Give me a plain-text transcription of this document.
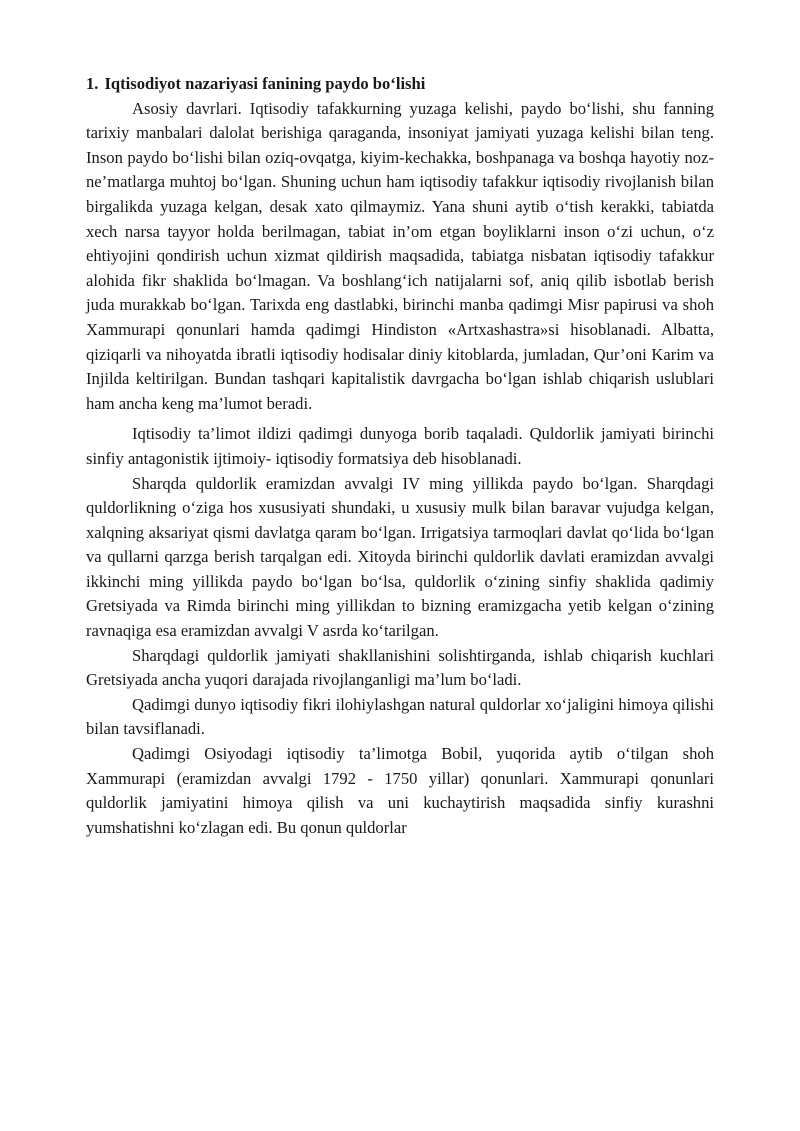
1. Iqtisodiyot nazariyasi fanining paydo bo‘lishi

Asosiy davrlari. Iqtisodiy tafakkurning yuzaga kelishi, paydo bo‘lishi, shu fanning tarixiy manbalari dalolat berishiga qaraganda, insoniyat jamiyati yuzaga kelishi bilan teng. Inson paydo bo‘lishi bilan oziq-ovqatga, kiyim-kechakka, boshpanaga va boshqa hayotiy noz-ne’matlarga muhtoj bo‘lgan. Shuning uchun ham iqtisodiy tafakkur iqtisodiy rivojlanish bilan birgalikda yuzaga kelgan, desak xato qilmaymiz. Yana shuni aytib o‘tish kerakki, tabiatda xech narsa tayyor holda berilmagan, tabiat in’om etgan boyliklarni inson o‘zi uchun, o‘z ehtiyojini qondirish uchun xizmat qildirish maqsadida, tabiatga nisbatan iqtisodiy tafakkur alohida fikr shaklida bo‘lmagan. Va boshlang‘ich natijalarni sof, aniq qilib isbotlab berish juda murakkab bo‘lgan. Tarixda eng dastlabki, birinchi manba qadimgi Misr papirusi va shoh Xammurapi qonunlari hamda qadimgi Hindiston «Artxashastra»si hisoblanadi. Albatta, qiziqarli va nihoyatda ibratli iqtisodiy hodisalar diniy kitoblarda, jumladan, Qur’oni Karim va Injilda keltirilgan. Bundan tashqari kapitalistik davrgacha bo‘lgan ishlab chiqarish uslublari ham ancha keng ma’lumot beradi.

Iqtisodiy ta’limot ildizi qadimgi dunyoga borib taqaladi. Quldorlik jamiyati birinchi sinfiy antagonistik ijtimoiy- iqtisodiy formatsiya deb hisoblanadi.

Sharqda quldorlik eramizdan avvalgi IV ming yillikda paydo bo‘lgan. Sharqdagi quldorlikning o‘ziga hos xususiyati shundaki, u xususiy mulk bilan baravar vujudga kelgan, xalqning aksariyat qismi davlatga qaram bo‘lgan. Irrigatsiya tarmoqlari davlat qo‘lida bo‘lgan va qullarni qarzga berish tarqalgan edi. Xitoyda birinchi quldorlik davlati eramizdan avvalgi ikkinchi ming yillikda paydo bo‘lgan bo‘lsa, quldorlik o‘zining sinfiy shaklida qadimiy Gretsiyada va Rimda birinchi ming yillikdan to bizning eramizgacha yetib kelgan o‘zining ravnaqiga esa eramizdan avvalgi V asrda ko‘tarilgan.

Sharqdagi quldorlik jamiyati shakllanishini solishtirganda, ishlab chiqarish kuchlari Gretsiyada ancha yuqori darajada rivojlanganligi ma’lum bo‘ladi.

Qadimgi dunyo iqtisodiy fikri ilohiylashgan natural quldorlar xo‘jaligini himoya qilishi bilan tavsiflanadi.

Qadimgi Osiyodagi iqtisodiy ta’limotga Bobil, yuqorida aytib o‘tilgan shoh Xammurapi (eramizdan avvalgi 1792 - 1750 yillar) qonunlari. Xammurapi qonunlari quldorlik jamiyatini himoya qilish va uni kuchaytirish maqsadida sinfiy kurashni yumshatishni ko‘zlagan edi. Bu qonun quldorlar
